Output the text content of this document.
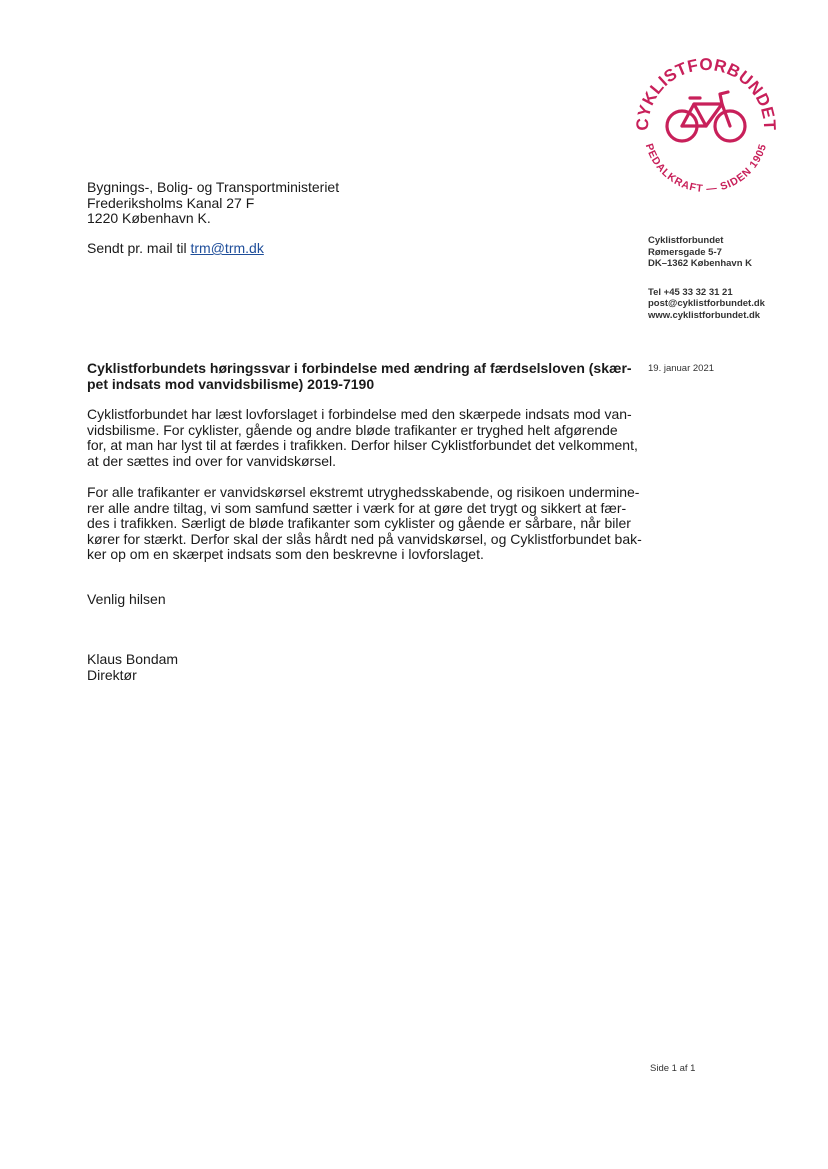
CYKLISTFORBUNDET
PEDALKRAFT — SIDEN 1905
Bygnings-, Bolig- og Transportministeriet
Frederiksholms Kanal 27 F
1220 København K.
Sendt pr. mail til trm@trm.dk	Cyklistforbundet
Rømersgade 5-7
DK–1362 København K
Tel +45 33 32 31 21
post@cyklistforbundet.dk
www.cyklistforbundet.dk
19. januar 2021
Cyklistforbundets høringssvar i forbindelse med ændring af færdselsloven (skær-
pet indsats mod vanvidsbilisme) 2019-7190
Cyklistforbundet har læst lovforslaget i forbindelse med den skærpede indsats mod van-
vidsbilisme. For cyklister, gående og andre bløde trafikanter er tryghed helt afgørende
for, at man har lyst til at færdes i trafikken. Derfor hilser Cyklistforbundet det velkomment,
at der sættes ind over for vanvidskørsel.
For alle trafikanter er vanvidskørsel ekstremt utryghedsskabende, og risikoen undermine-
rer alle andre tiltag, vi som samfund sætter i værk for at gøre det trygt og sikkert at fær-
des i trafikken. Særligt de bløde trafikanter som cyklister og gående er sårbare, når biler
kører for stærkt. Derfor skal der slås hårdt ned på vanvidskørsel, og Cyklistforbundet bak-
ker op om en skærpet indsats som den beskrevne i lovforslaget.
Venlig hilsen
Klaus Bondam
Direktør
Side 1 af 1
